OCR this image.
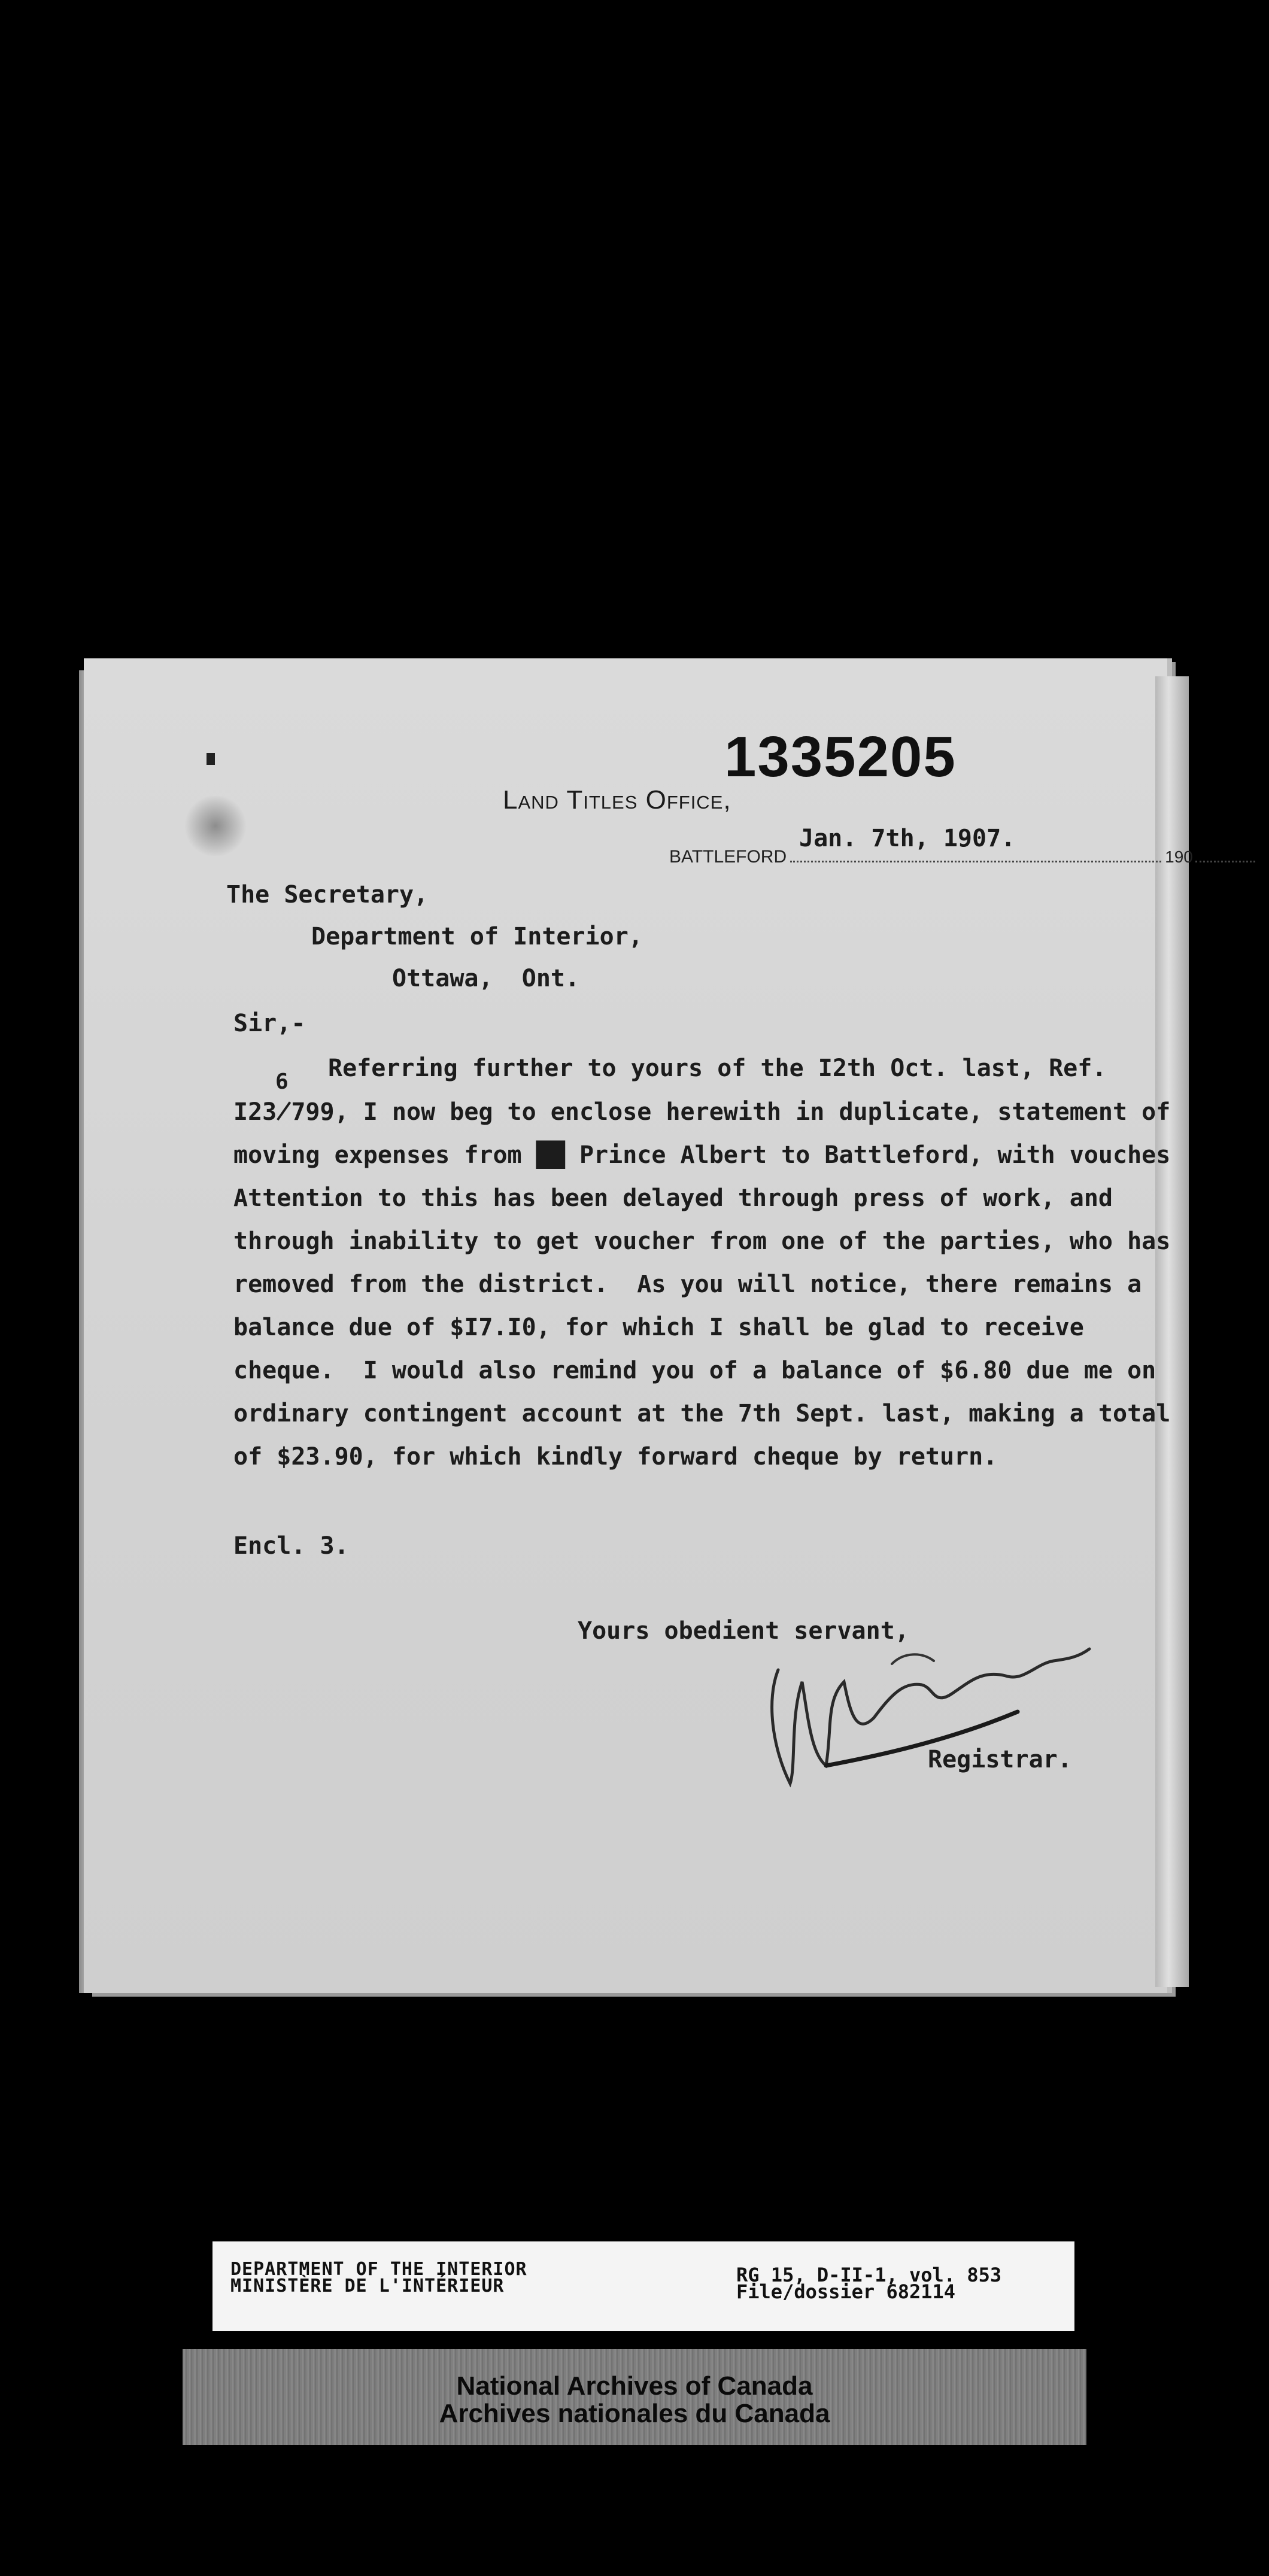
1335205
Land Titles Office,
Jan. 7th, 1907.
BATTLEFORD	190
The Secretary,
Department of Interior,
Ottawa,  Ont.
Sir,-
6 Referring further to yours of the I2th Oct. last, Ref.
I23̸799, I now beg to enclose herewith in duplicate, statement of
moving expenses from ██ Prince Albert to Battleford, with vouches
Attention to this has been delayed through press of work, and
through inability to get voucher from one of the parties, who has
removed from the district.  As you will notice, there remains a
balance due of $I7.I0, for which I shall be glad to receive
cheque.  I would also remind you of a balance of $6.80 due me on
ordinary contingent account at the 7th Sept. last, making a total
of $23.90, for which kindly forward cheque by return.
Encl. 3.
Yours obedient servant,
Registrar.
DEPARTMENT OF THE INTERIOR
MINISTÈRE DE L'INTÉRIEUR	RG 15, D-II-1, vol. 853
File/dossier 682114
National Archives of Canada
Archives nationales du Canada
